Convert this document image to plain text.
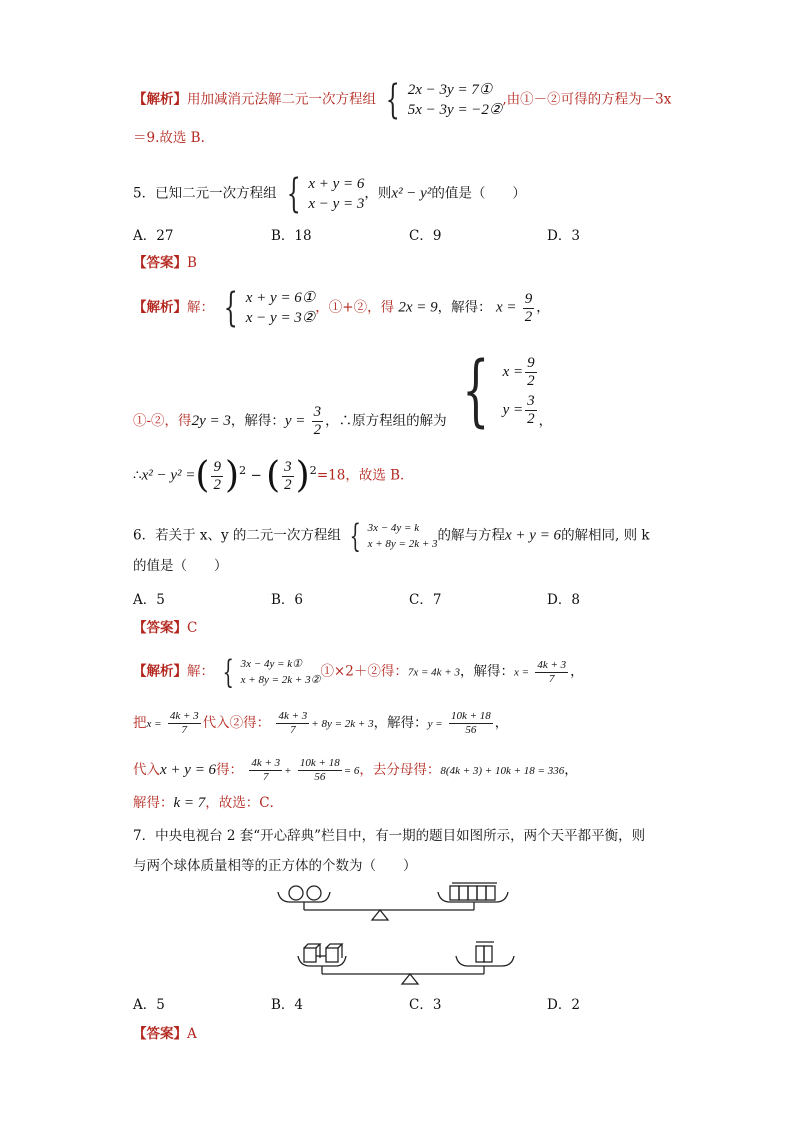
【解析】用加减消元法解二元一次方程组 { 2x − 3y = 7①
5x − 3y = −2②
,由①－②可得的方程为－3x
＝9.故选 B.
5．已知二元一次方程组 { x + y = 6
x − y = 3
，则x² − y²的值是（　　）
A．27	B．18	C．9	D．3
【答案】B
【解析】解： { x + y = 6①
x − y = 3②
，①+②，得 2x = 9，解得： $x = \frac{9}{2}$ ，
①-②，得2y = 3，解得：$y = \frac{3}{2}$ ，∴原方程组的解为 { $x = \frac{9}{2}$
$y = \frac{3}{2}$ ，
∴x² − y² =( $\frac{9}{2} )^2$ − ( $\frac{3}{2} )^2=18$，故选 B．
6．若关于 x、y 的二元一次方程组 { 3x − 4y = k
x + 8y = 2k + 3
的解与方程x + y = 6的解相同, 则 k
的值是（　　）
A．5	B．6	C．7	D．8
【答案】C
【解析】解： { 3x − 4y = k①
x + 8y = 2k + 3②
①×2＋②得：7x = 4k + 3，解得：$x = \frac{4k + 3}{7}$ ，
把$x = \frac{4k + 3}{7}$ 代入②得： $\frac{4k + 3}{7} + 8y = 2k + 3$，解得：$y = \frac{10k + 18}{56}$ ，
代入x + y = 6得： $\frac{4k + 3}{7} + \frac{10k + 18}{56} = 6$，去分母得：8(4k + 3) + 10k + 18 = 336，
解得：k = 7，故选：C．
7．中央电视台 2 套“开心辞典”栏目中，有一期的题目如图所示，两个天平都平衡，则
与两个球体质量相等的正方体的个数为（　　）
A．5	B．4	C．3	D．2
【答案】A
